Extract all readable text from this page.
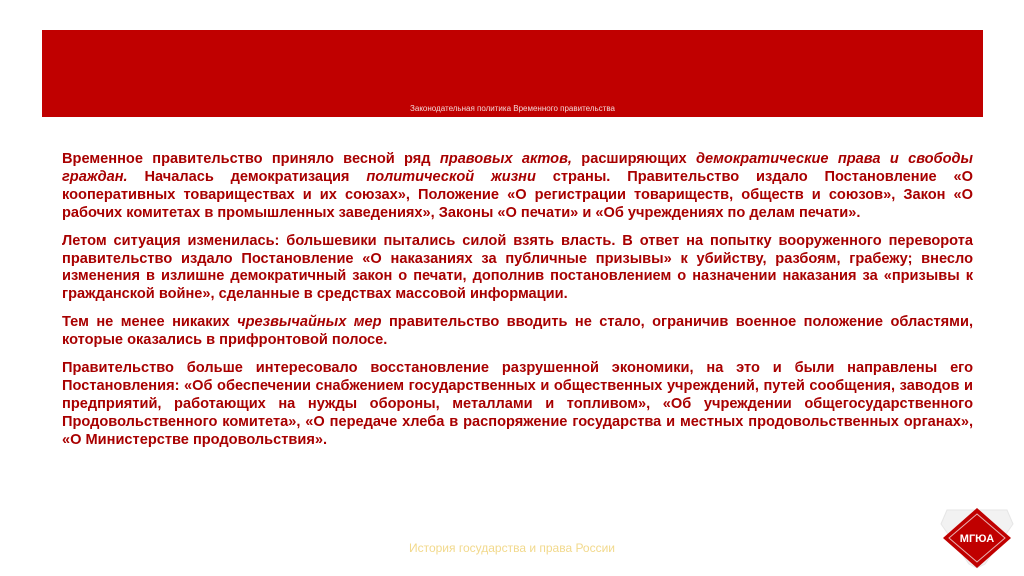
Законодательная политика Временного правительства

Временное правительство приняло весной ряд правовых актов, расширяющих демократические права и свободы граждан. Началась демократизация политической жизни страны. Правительство издало Постановление «О кооперативных товариществах и их союзах», Положение «О регистрации товариществ, обществ и союзов», Закон «О рабочих комитетах в промышленных заведениях», Законы «О печати» и «Об учреждениях по делам печати».

Летом ситуация изменилась: большевики пытались силой взять власть. В ответ на попытку вооруженного переворота правительство издало Постановление «О наказаниях за публичные призывы» к убийству, разбоям, грабежу; внесло изменения в излишне демократичный закон о печати, дополнив постановлением о назначении наказания за «призывы к гражданской войне», сделанные в средствах массовой информации.

Тем не менее никаких чрезвычайных мер правительство вводить не стало, ограничив военное положение областями, которые оказались в прифронтовой полосе.

Правительство больше интересовало восстановление разрушенной экономики, на это и были направлены его Постановления: «Об обеспечении снабжением государственных и общественных учреждений, путей сообщения, заводов и предприятий, работающих на нужды обороны, металлами и топливом», «Об учреждении общегосударственного Продовольственного комитета», «О передаче хлеба в распоряжение государства и местных продовольственных органах», «О Министерстве продовольствия».

История государства и права России
МГЮА
